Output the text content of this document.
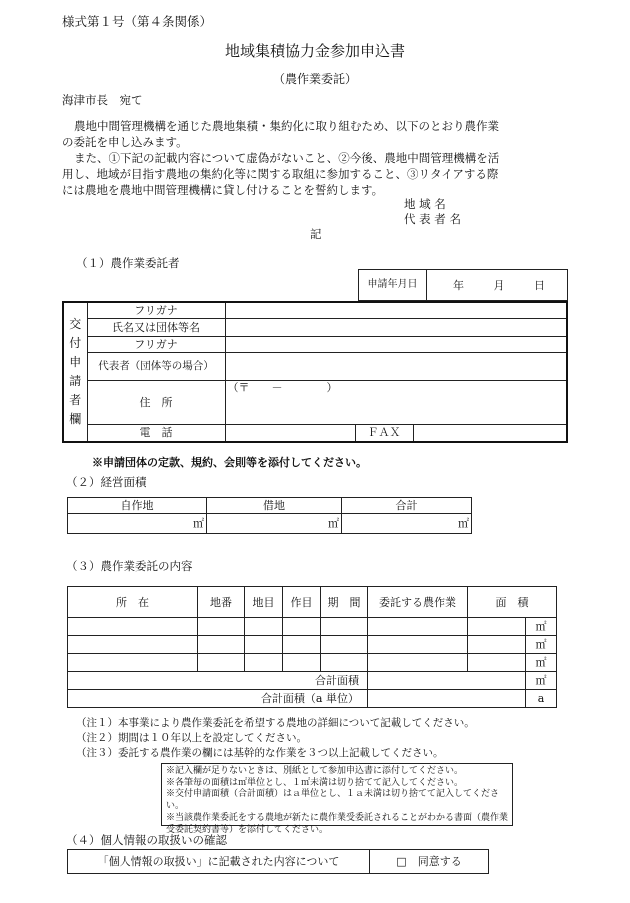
様式第１号（第４条関係）
地域集積協力金参加申込書
（農作業委託）
海津市長　宛て
農地中間管理機構を通じた農地集積・集約化に取り組むため、以下のとおり農作業
の委託を申し込みます。
また、①下記の記載内容について虚偽がないこと、②今後、農地中間管理機構を活
用し、地域が目指す農地の集約化等に関する取組に参加すること、③リタイアする際
には農地を農地中間管理機構に貸し付けることを誓約します。
地 域 名
代 表 者 名
記
（１）農作業委託者
申請年月日	年	月	日
交付申請者欄	フリガナ			
	氏名又は団体等名			
	フリガナ			
	代表者（団体等の場合）			
	住　所	（〒　　－　　　　）		

	電　話		ＦＡＸ	
※申請団体の定款、規約、会則等を添付してください。
（２）経営面積
自作地	借地	合計
㎡	㎡	㎡
（３）農作業委託の内容
所　在	地番	地目	作目	期　間	委託する農作業	面　積	
							㎡
							㎡
							㎡
合計面積							㎡
合計面積（a 単位）							a
（注１）本事業により農作業委託を希望する農地の詳細について記載してください。
（注２）期間は１０年以上を設定してください。
（注３）委託する農作業の欄には基幹的な作業を３つ以上記載してください。
※記入欄が足りないときは、別紙として参加申込書に添付してください。
※各筆毎の面積は㎡単位とし、１㎡未満は切り捨てて記入してください。
※交付申請面積（合計面積）はａ単位とし、１ａ未満は切り捨てて記入してください。
※当該農作業委託をする農地が新たに農作業受委託されることがわかる書面（農作業
受委託契約書等）を添付してください。
（４）個人情報の取扱いの確認
「個人情報の取扱い」に記載された内容について	□　同意する
